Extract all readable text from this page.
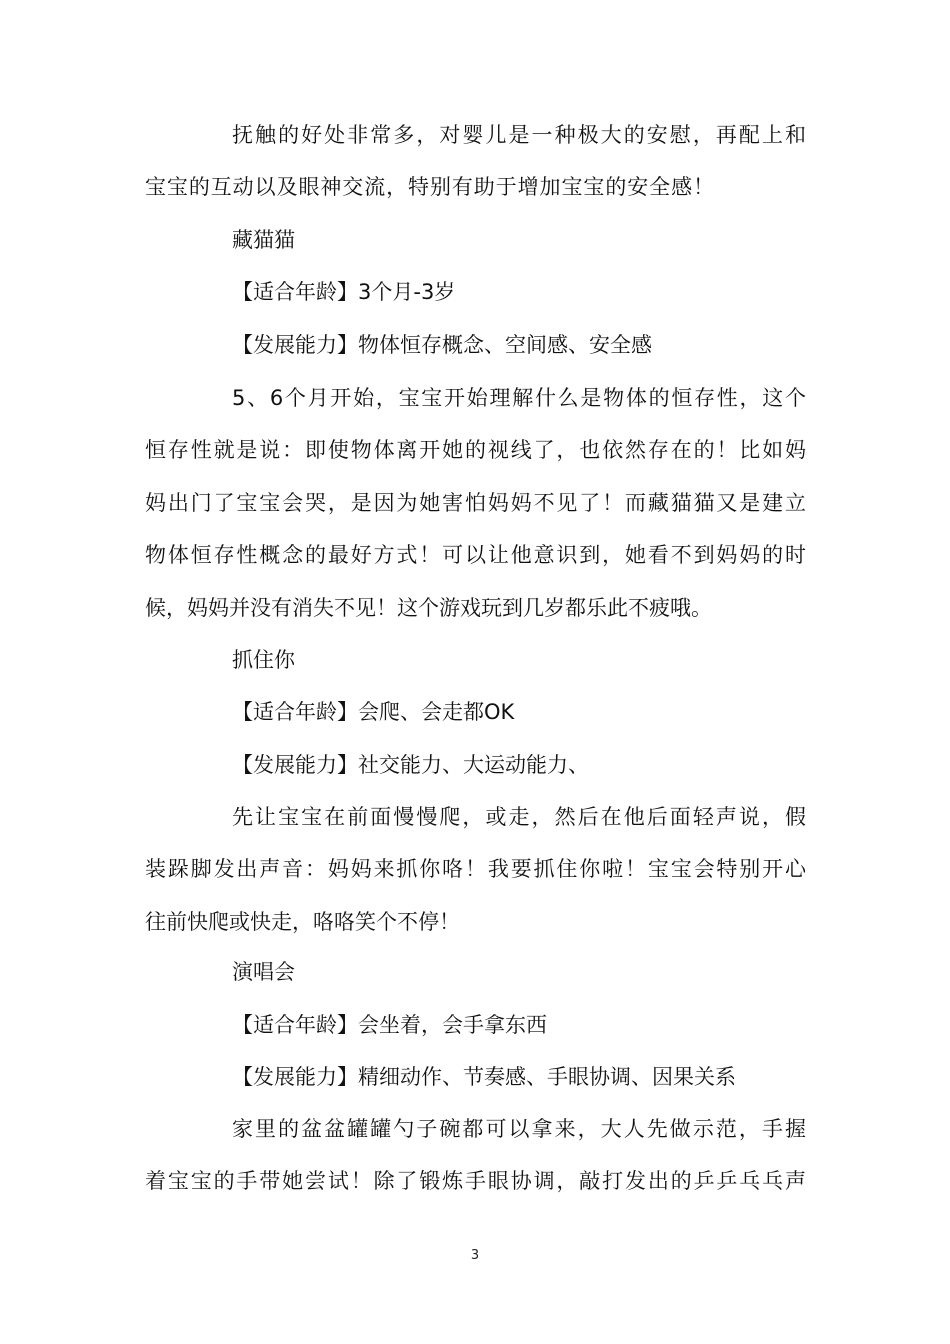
抚触的好处非常多，对婴儿是一种极大的安慰，再配上和
宝宝的互动以及眼神交流，特别有助于增加宝宝的安全感！
藏猫猫
【适合年龄】3个月-3岁
【发展能力】物体恒存概念、空间感、安全感
5、6个月开始，宝宝开始理解什么是物体的恒存性，这个
恒存性就是说：即使物体离开她的视线了，也依然存在的！比如妈
妈出门了宝宝会哭，是因为她害怕妈妈不见了！而藏猫猫又是建立
物体恒存性概念的最好方式！可以让他意识到，她看不到妈妈的时
候，妈妈并没有消失不见！这个游戏玩到几岁都乐此不疲哦。
抓住你
【适合年龄】会爬、会走都OK
【发展能力】社交能力、大运动能力、
先让宝宝在前面慢慢爬，或走，然后在他后面轻声说，假
装跺脚发出声音：妈妈来抓你咯！我要抓住你啦！宝宝会特别开心
往前快爬或快走，咯咯笑个不停！
演唱会
【适合年龄】会坐着，会手拿东西
【发展能力】精细动作、节奏感、手眼协调、因果关系
家里的盆盆罐罐勺子碗都可以拿来，大人先做示范，手握
着宝宝的手带她尝试！除了锻炼手眼协调，敲打发出的乒乒乓乓声
3
